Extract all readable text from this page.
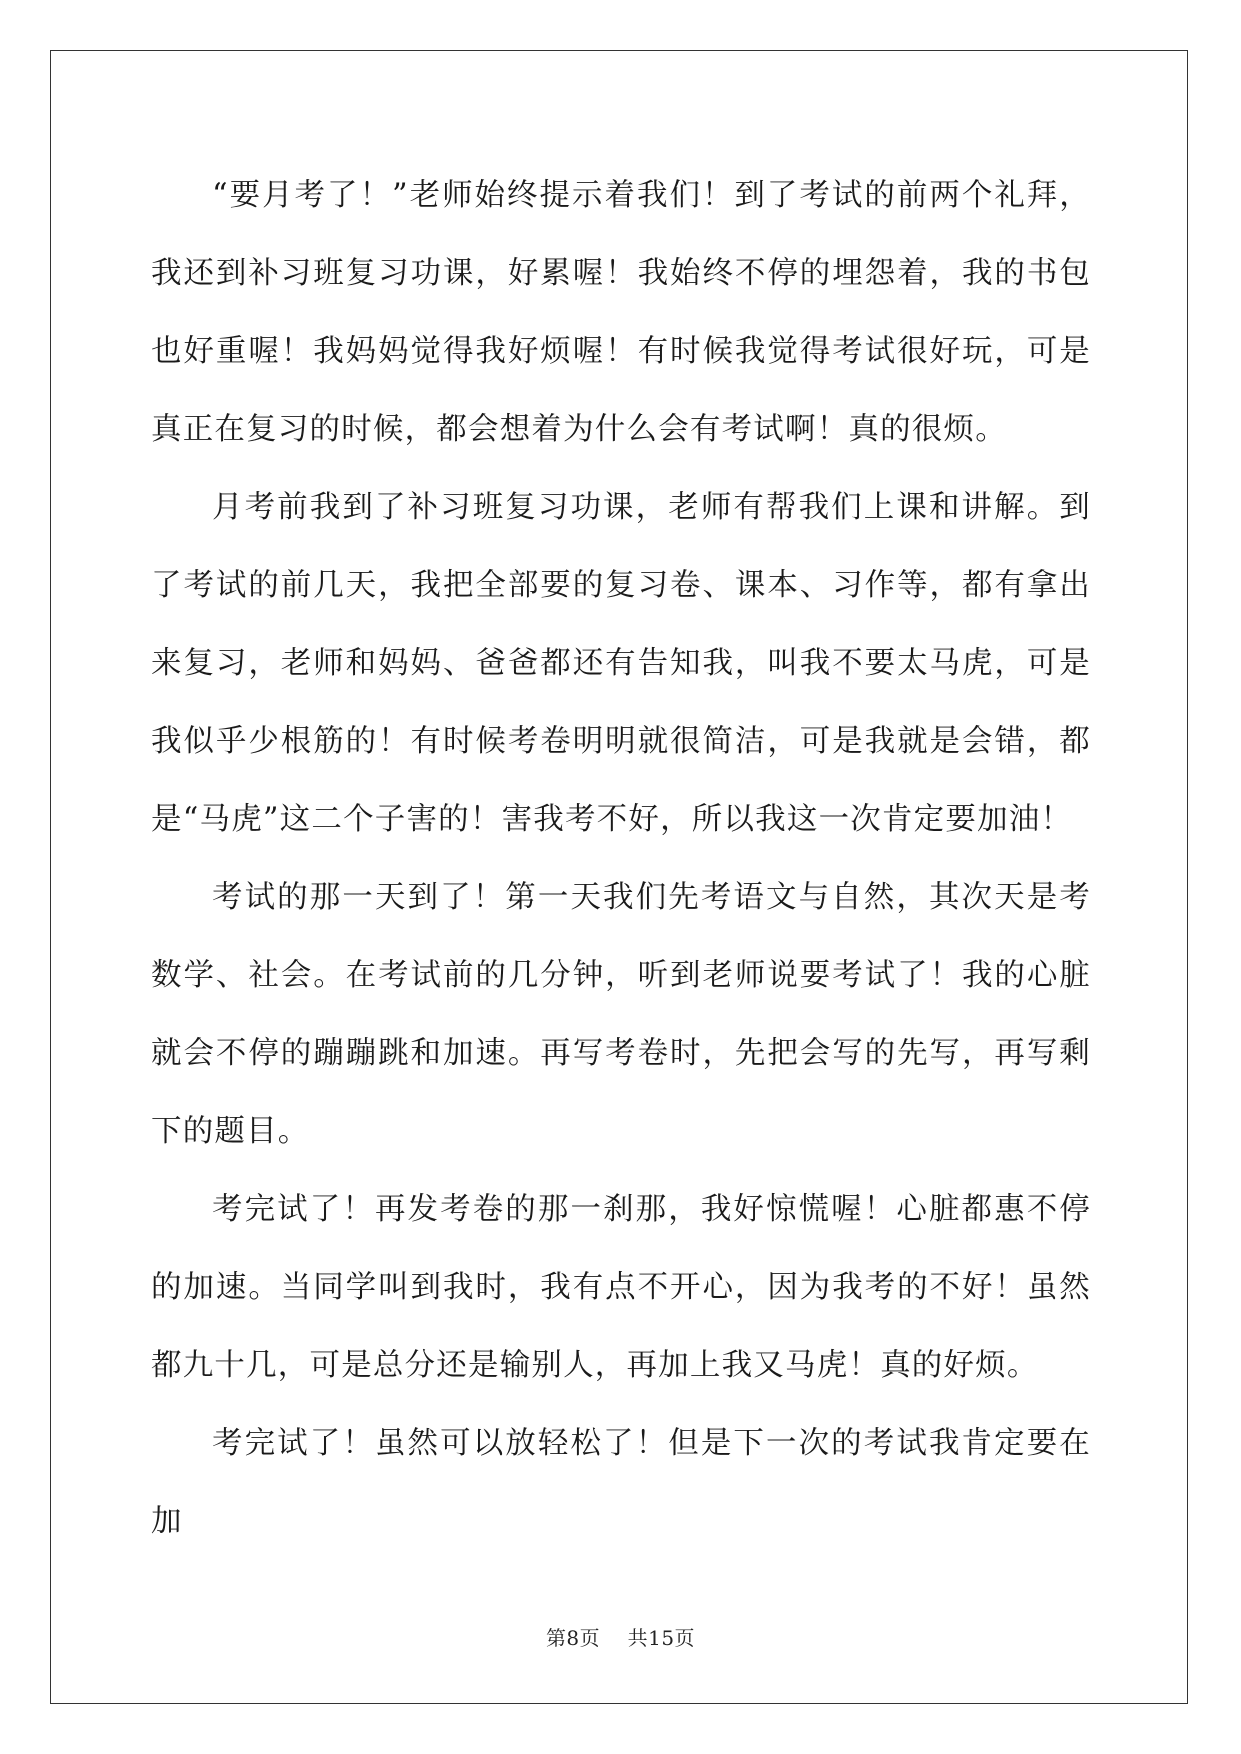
“要月考了！”老师始终提示着我们！到了考试的前两个礼拜，我还到补习班复习功课，好累喔！我始终不停的埋怨着，我的书包也好重喔！我妈妈觉得我好烦喔！有时候我觉得考试很好玩，可是真正在复习的时候，都会想着为什么会有考试啊！真的很烦。

月考前我到了补习班复习功课，老师有帮我们上课和讲解。到了考试的前几天，我把全部要的复习卷、课本、习作等，都有拿出来复习，老师和妈妈、爸爸都还有告知我，叫我不要太马虎，可是我似乎少根筋的！有时候考卷明明就很简洁，可是我就是会错，都是“马虎”这二个子害的！害我考不好，所以我这一次肯定要加油！

考试的那一天到了！第一天我们先考语文与自然，其次天是考数学、社会。在考试前的几分钟，听到老师说要考试了！我的心脏就会不停的蹦蹦跳和加速。再写考卷时，先把会写的先写，再写剩下的题目。

考完试了！再发考卷的那一刹那，我好惊慌喔！心脏都惠不停的加速。当同学叫到我时，我有点不开心，因为我考的不好！虽然都九十几，可是总分还是输别人，再加上我又马虎！真的好烦。

考完试了！虽然可以放轻松了！但是下一次的考试我肯定要在加

第8页 共15页
